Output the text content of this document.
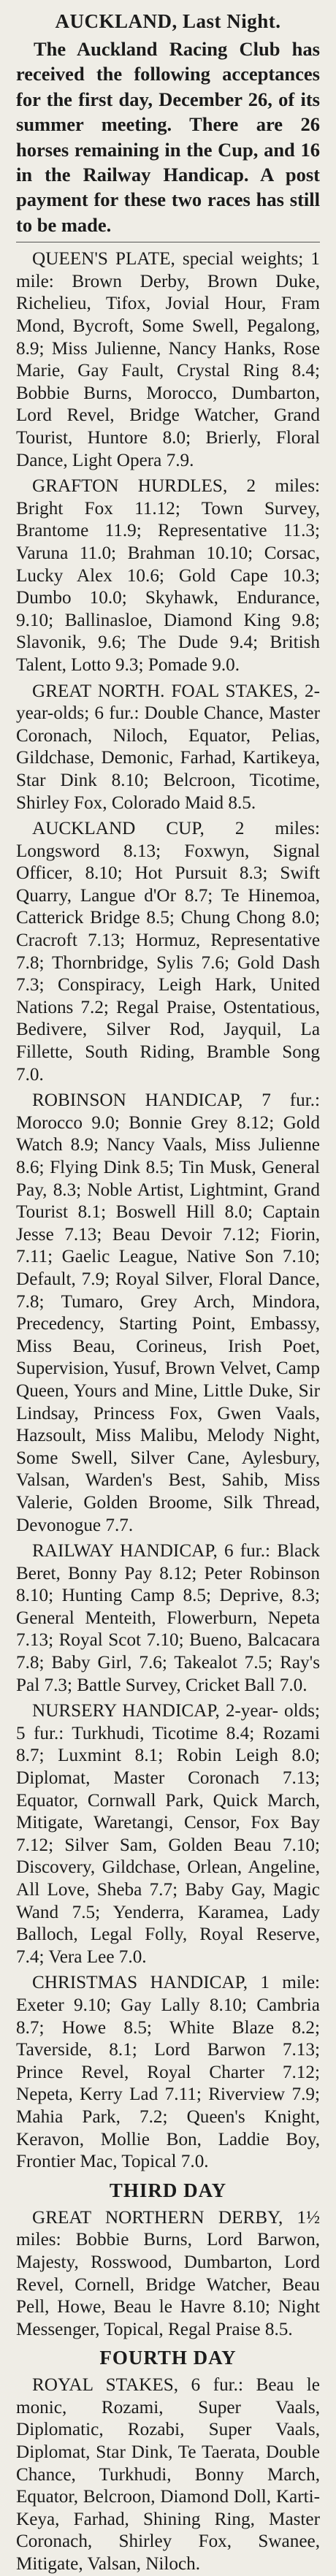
AUCKLAND, Last Night.

The Auckland Racing Club has received the following acceptances for the first day, December 26, of its summer meeting. There are 26 horses remaining in the Cup, and 16 in the Railway Handicap. A post payment for these two races has still to be made.

QUEEN'S PLATE, special weights; 1 mile: Brown Derby, Brown Duke, Richelieu, Tifox, Jovial Hour, Fram Mond, Bycroft, Some Swell, Pegalong, 8.9; Miss Julienne, Nancy Hanks, Rose Marie, Gay Fault, Crystal Ring 8.4; Bobbie Burns, Morocco, Dumbarton, Lord Revel, Bridge Watcher, Grand Tourist, Huntore 8.0; Brierly, Floral Dance, Light Opera 7.9.

GRAFTON HURDLES, 2 miles: Bright Fox 11.12; Town Survey, Brantome 11.9; Representative 11.3; Varuna 11.0; Brahman 10.10; Corsac, Lucky Alex 10.6; Gold Cape 10.3; Dumbo 10.0; Skyhawk, Endurance, 9.10; Ballinasloe, Diamond King 9.8; Slavonik, 9.6; The Dude 9.4; British Talent, Lotto 9.3; Pomade 9.0.

GREAT NORTH. FOAL STAKES, 2-year-olds; 6 fur.: Double Chance, Master Coronach, Niloch, Equator, Pelias, Gildchase, Demonic, Farhad, Kartikeya, Star Dink 8.10; Belcroon, Ticotime, Shirley Fox, Colorado Maid 8.5.

AUCKLAND CUP, 2 miles: Longsword 8.13; Foxwyn, Signal Officer, 8.10; Hot Pursuit 8.3; Swift Quarry, Langue d'Or 8.7; Te Hinemoa, Catterick Bridge 8.5; Chung Chong 8.0; Cracroft 7.13; Hormuz, Representative 7.8; Thornbridge, Sylis 7.6; Gold Dash 7.3; Conspiracy, Leigh Hark, United Nations 7.2; Regal Praise, Ostentatious, Bedivere, Silver Rod, Jayquil, La Fillette, South Riding, Bramble Song 7.0.

ROBINSON HANDICAP, 7 fur.: Morocco 9.0; Bonnie Grey 8.12; Gold Watch 8.9; Nancy Vaals, Miss Julienne 8.6; Flying Dink 8.5; Tin Musk, General Pay, 8.3; Noble Artist, Lightmint, Grand Tourist 8.1; Boswell Hill 8.0; Captain Jesse 7.13; Beau Devoir 7.12; Fiorin, 7.11; Gaelic League, Native Son 7.10; Default, 7.9; Royal Silver, Floral Dance, 7.8; Tumaro, Grey Arch, Mindora, Precedency, Starting Point, Embassy, Miss Beau, Corineus, Irish Poet, Supervision, Yusuf, Brown Velvet, Camp Queen, Yours and Mine, Little Duke, Sir Lindsay, Princess Fox, Gwen Vaals, Hazsoult, Miss Malibu, Melody Night, Some Swell, Silver Cane, Aylesbury, Valsan, Warden's Best, Sahib, Miss Valerie, Golden Broome, Silk Thread, Devonogue 7.7.

RAILWAY HANDICAP, 6 fur.: Black Beret, Bonny Pay 8.12; Peter Robinson 8.10; Hunting Camp 8.5; Deprive, 8.3; General Menteith, Flowerburn, Nepeta 7.13; Royal Scot 7.10; Bueno, Balcacara 7.8; Baby Girl, 7.6; Takealot 7.5; Ray's Pal 7.3; Battle Survey, Cricket Ball 7.0.

NURSERY HANDICAP, 2-year- olds; 5 fur.: Turkhudi, Ticotime 8.4; Rozami 8.7; Luxmint 8.1; Robin Leigh 8.0; Diplomat, Master Coronach 7.13; Equator, Cornwall Park, Quick March, Mitigate, Waretangi, Censor, Fox Bay 7.12; Silver Sam, Golden Beau 7.10; Discovery, Gildchase, Orlean, Angeline, All Love, Sheba 7.7; Baby Gay, Magic Wand 7.5; Yenderra, Karamea, Lady Balloch, Legal Folly, Royal Reserve, 7.4; Vera Lee 7.0.

CHRISTMAS HANDICAP, 1 mile: Exeter 9.10; Gay Lally 8.10; Cambria 8.7; Howe 8.5; White Blaze 8.2; Taverside, 8.1; Lord Barwon 7.13; Prince Revel, Royal Charter 7.12; Nepeta, Kerry Lad 7.11; Riverview 7.9; Mahia Park, 7.2; Queen's Knight, Keravon, Mollie Bon, Laddie Boy, Frontier Mac, Topical 7.0.

THIRD DAY

GREAT NORTHERN DERBY, 1½ miles: Bobbie Burns, Lord Barwon, Majesty, Rosswood, Dumbarton, Lord Revel, Cornell, Bridge Watcher, Beau Pell, Howe, Beau le Havre 8.10; Night Messenger, Topical, Regal Praise 8.5.

FOURTH DAY

ROYAL STAKES, 6 fur.: Beau le monic, Rozami, Super Vaals, Diplomatic, Rozabi, Super Vaals, Diplomat, Star Dink, Te Taerata, Double Chance, Turkhudi, Bonny March, Equator, Belcroon, Diamond Doll, Karti-Keya, Farhad, Shining Ring, Master Coronach, Shirley Fox, Swanee, Mitigate, Valsan, Niloch.
